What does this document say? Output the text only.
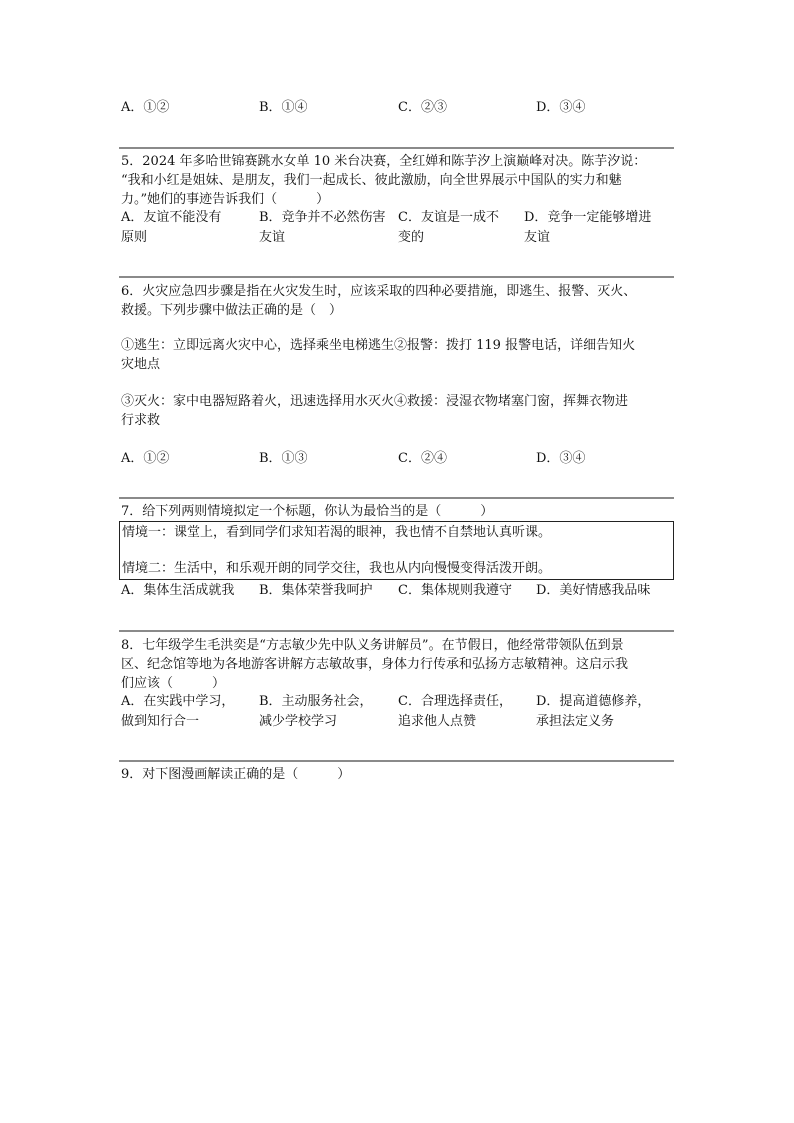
A．①②	B．①④	C．②③	D．③④
5．2024 年多哈世锦赛跳水女单 10 米台决赛，全红婵和陈芋汐上演巅峰对决。陈芋汐说：
“我和小红是姐妹、是朋友，我们一起成长、彼此激励，向全世界展示中国队的实力和魅
力。”她们的事迹告诉我们（　　　）
A．友谊不能没有
原则
B．竞争并不必然伤害
友谊
C．友谊是一成不
变的
D．竞争一定能够增进
友谊
6．火灾应急四步骤是指在火灾发生时，应该采取的四种必要措施，即逃生、报警、灭火、
救援。下列步骤中做法正确的是（　）
①逃生：立即远离火灾中心，选择乘坐电梯逃生②报警：拨打 119 报警电话，详细告知火
灾地点
③灭火：家中电器短路着火，迅速选择用水灭火④救援：浸湿衣物堵塞门窗，挥舞衣物进
行求救
A．①②	B．①③	C．②④	D．③④
7．给下列两则情境拟定一个标题，你认为最恰当的是（　　　）
情境一：课堂上，看到同学们求知若渴的眼神，我也情不自禁地认真听课。
情境二：生活中，和乐观开朗的同学交往，我也从内向慢慢变得活泼开朗。
A．集体生活成就我 B．集体荣誉我呵护 C．集体规则我遵守 D．美好情感我品味
8．七年级学生毛洪奕是“方志敏少先中队义务讲解员”。在节假日，他经常带领队伍到景
区、纪念馆等地为各地游客讲解方志敏故事，身体力行传承和弘扬方志敏精神。这启示我
们应该（　　　）
A．在实践中学习，
做到知行合一
B．主动服务社会，
减少学校学习
C．合理选择责任，
追求他人点赞
D．提高道德修养，
承担法定义务
9．对下图漫画解读正确的是（　　　）
